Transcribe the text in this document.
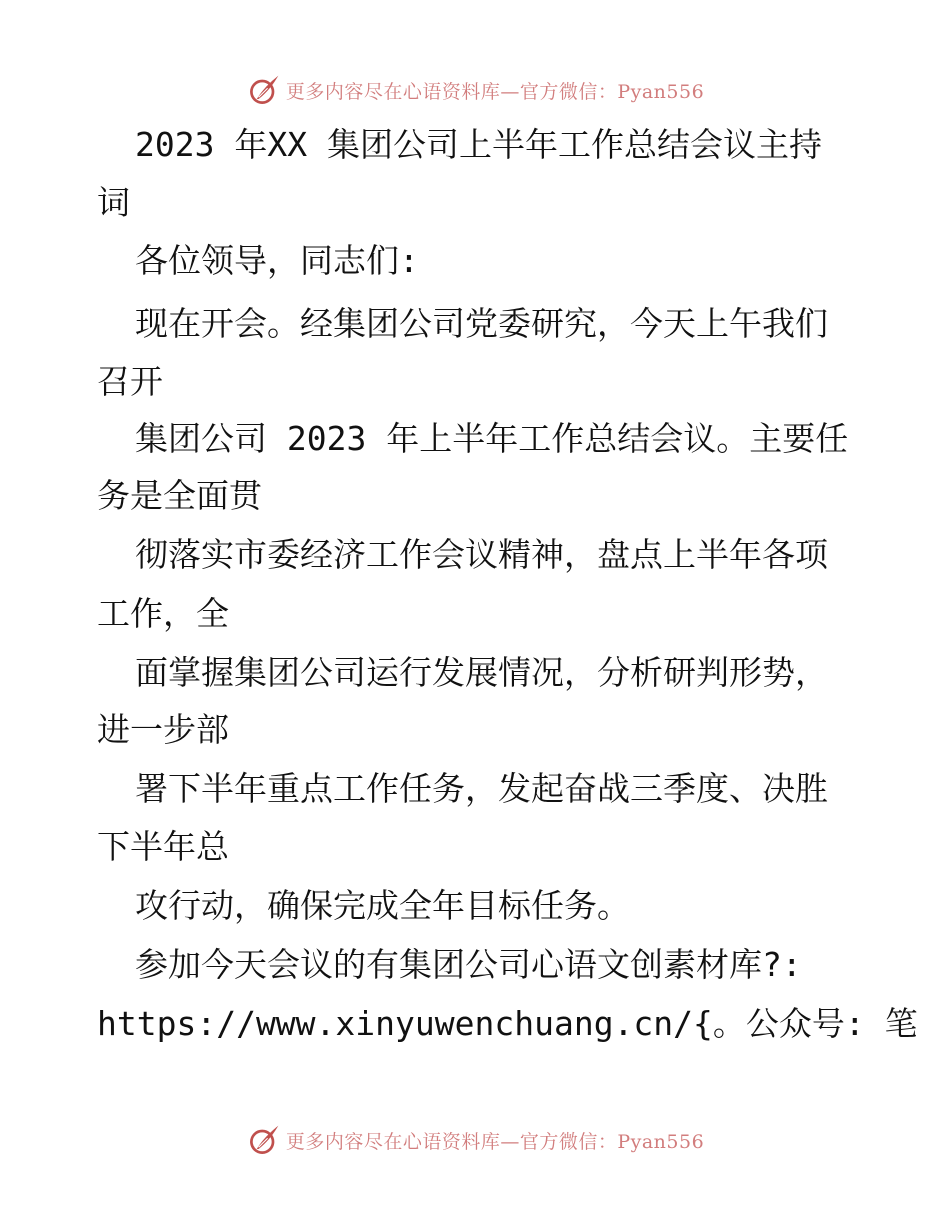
更多内容尽在心语资料库—官方微信：Pyan556
2023 年XX 集团公司上半年工作总结会议主持
词
各位领导，同志们:
现在开会。经集团公司党委研究，今天上午我们
召开
集团公司 2023 年上半年工作总结会议。主要任
务是全面贯
彻落实市委经济工作会议精神，盘点上半年各项
工作，全
面掌握集团公司运行发展情况，分析研判形势，
进一步部
署下半年重点工作任务，发起奋战三季度、决胜
下半年总
攻行动，确保完成全年目标任务。
参加今天会议的有集团公司心语文创素材库?:
https://www.xinyuwenchuang.cn/{。公众号: 笔
更多内容尽在心语资料库—官方微信：Pyan556
